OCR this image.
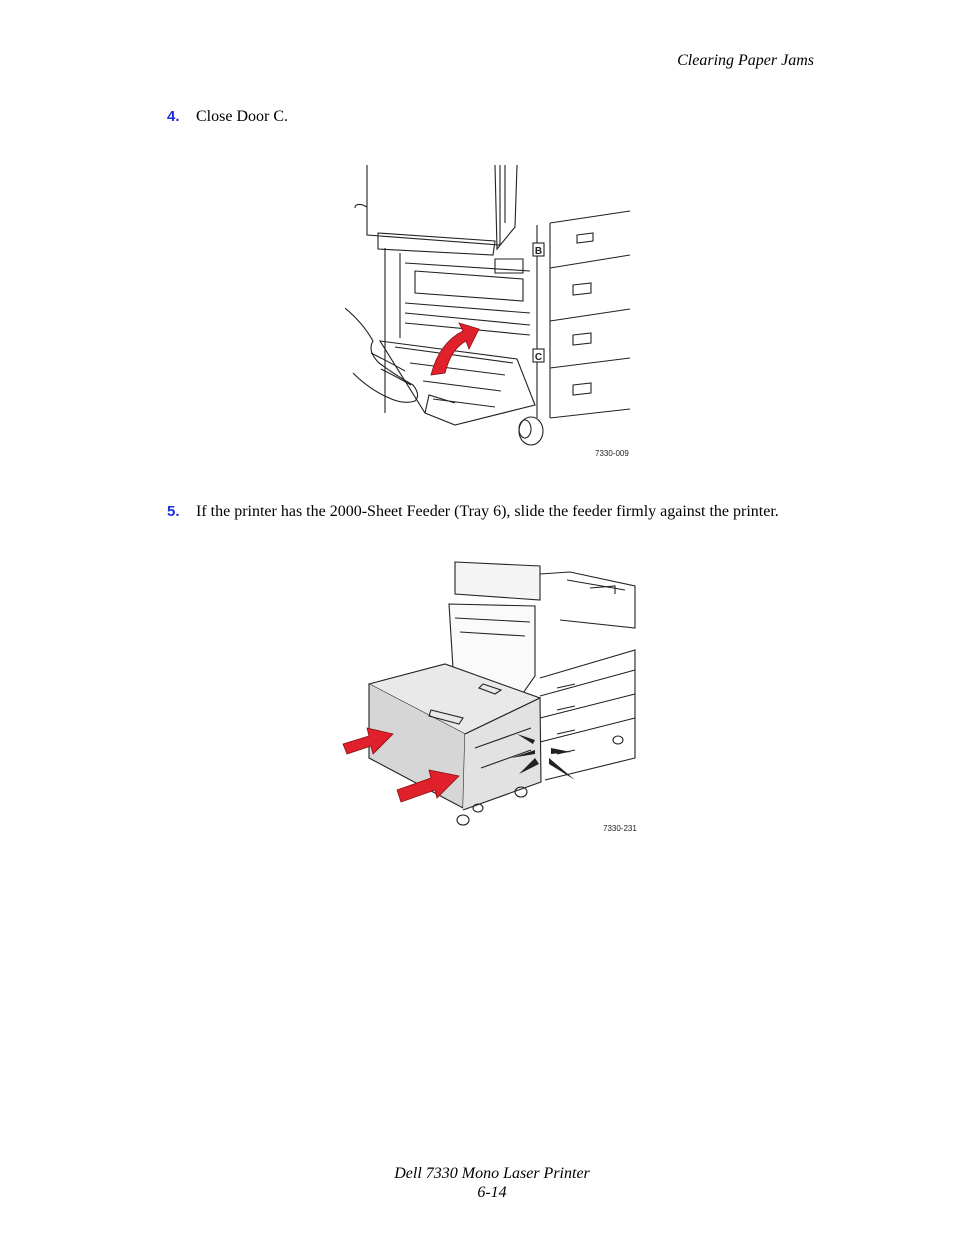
Clearing Paper Jams
4. Close Door C.
B
C
7330-009
5. If the printer has the 2000-Sheet Feeder (Tray 6), slide the feeder firmly against the printer.
7330-231
Dell 7330 Mono Laser Printer
6-14
